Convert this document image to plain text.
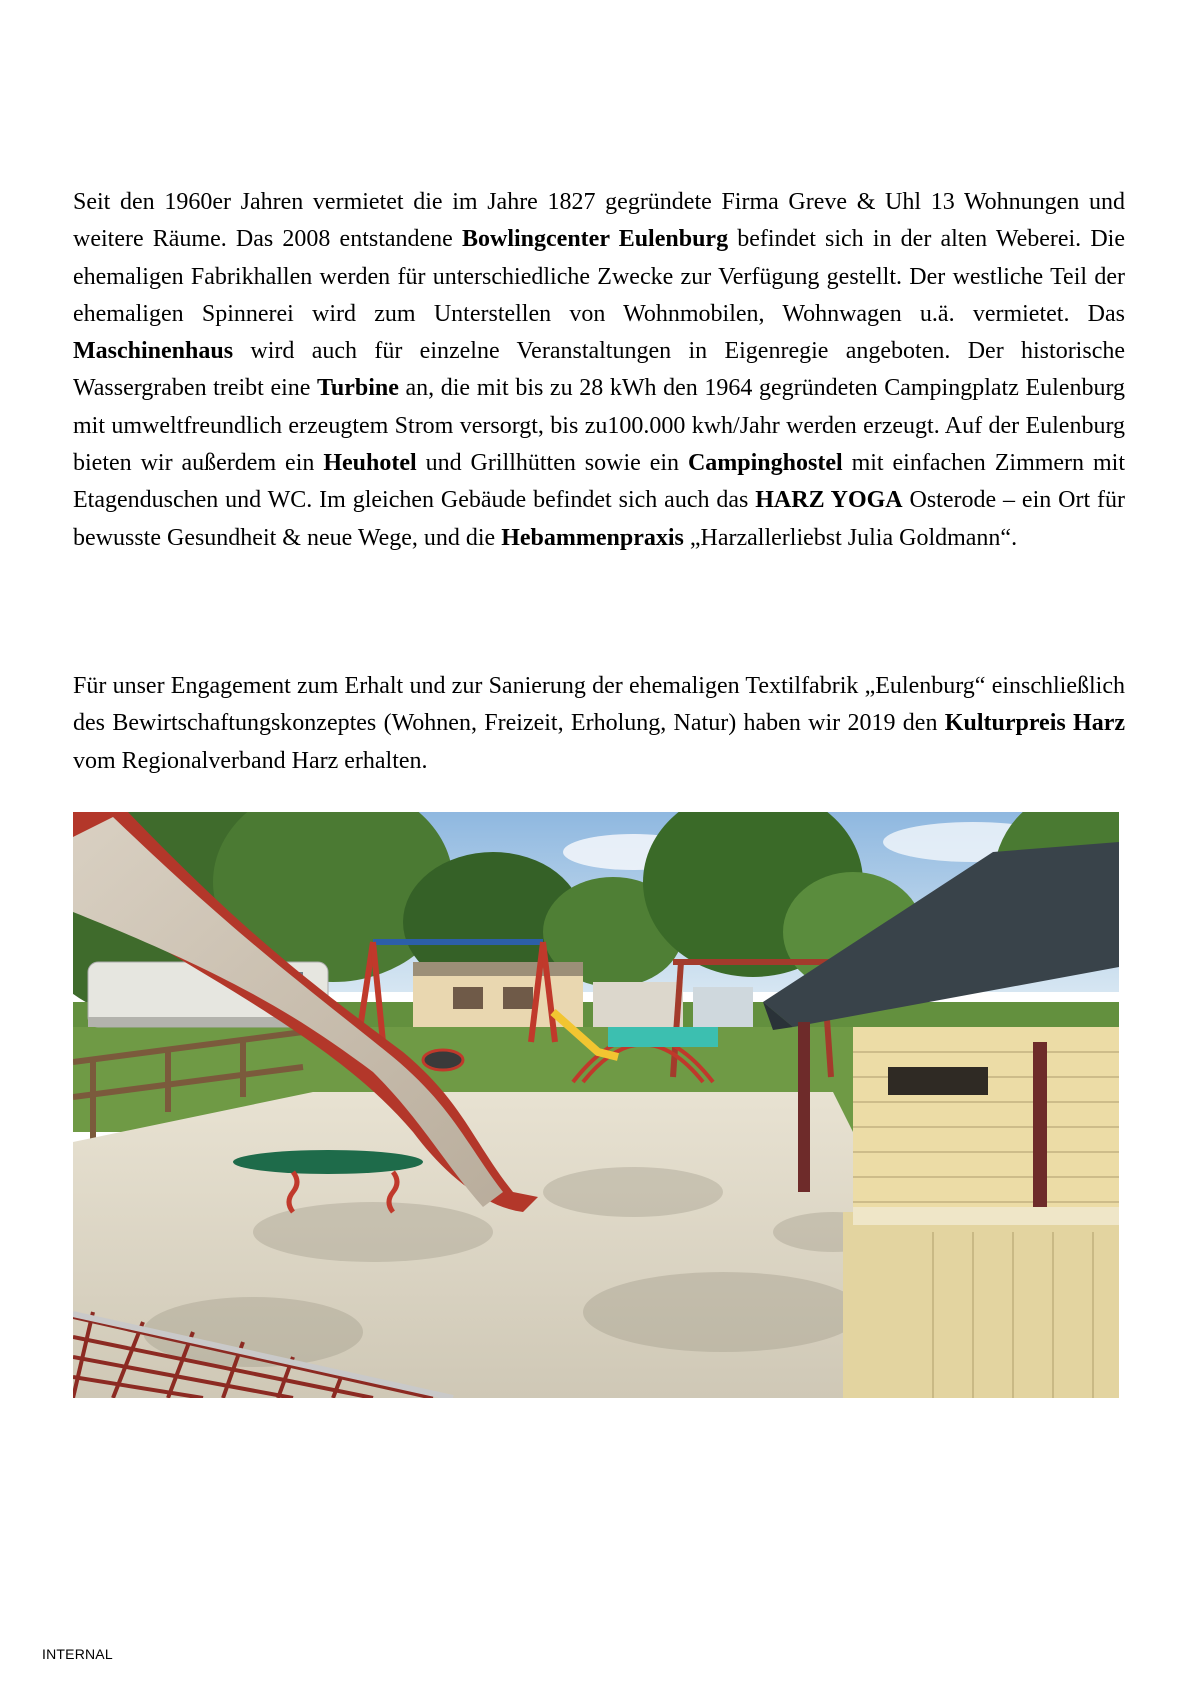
Seit den 1960er Jahren vermietet die im Jahre 1827 gegründete Firma Greve & Uhl 13 Wohnungen und weitere Räume. Das 2008 entstandene Bowlingcenter Eulenburg befindet sich in der alten Weberei. Die ehemaligen Fabrikhallen werden für unterschiedliche Zwecke zur Verfügung gestellt. Der westliche Teil der ehemaligen Spinnerei wird zum Unterstellen von Wohnmobilen, Wohnwagen u.ä. vermietet. Das Maschinenhaus wird auch für einzelne Veranstaltungen in Eigenregie angeboten. Der historische Wassergraben treibt eine Turbine an, die mit bis zu 28 kWh den 1964 gegründeten Campingplatz Eulenburg mit umweltfreundlich erzeugtem Strom versorgt, bis zu100.000 kwh/Jahr werden erzeugt. Auf der Eulenburg bieten wir außerdem ein Heuhotel und Grillhütten sowie ein Campinghostel mit einfachen Zimmern mit Etagenduschen und WC. Im gleichen Gebäude befindet sich auch das HARZ YOGA Osterode – ein Ort für bewusste Gesundheit & neue Wege, und die Hebammenpraxis „Harzallerliebst Julia Goldmann“.

Für unser Engagement zum Erhalt und zur Sanierung der ehemaligen Textilfabrik „Eulenburg“ einschließlich des Bewirtschaftungskonzeptes (Wohnen, Freizeit, Erholung, Natur) haben wir 2019 den Kulturpreis Harz vom Regionalverband Harz erhalten.

INTERNAL
